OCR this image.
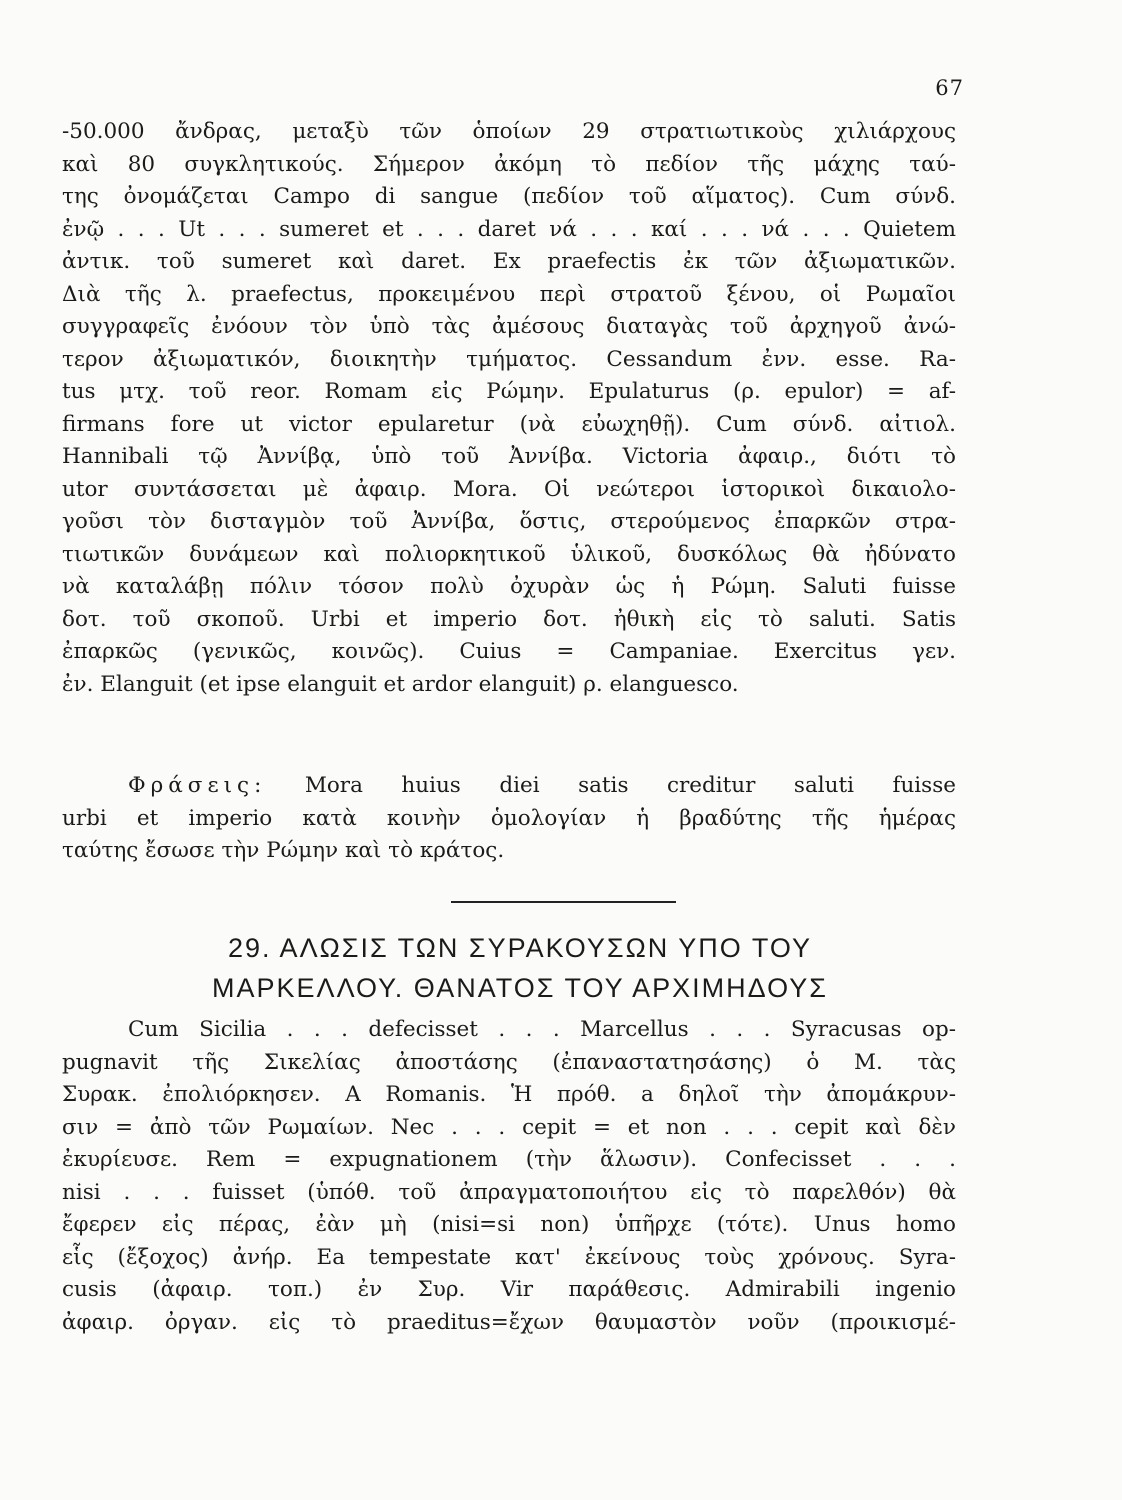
67
-50.000 ἄνδρας, μεταξὺ τῶν ὁποίων 29 στρατιωτικοὺς χιλιάρχους
καὶ 80 συγκλητικούς. Σήμερον ἀκόμη τὸ πεδίον τῆς μάχης ταύ-
της ὀνομάζεται Campo di sangue (πεδίον τοῦ αἵματος). Cum σύνδ.
ἐνῷ . . . Ut . . . sumeret et . . . daret νά . . . καί . . . νά . . . Quietem
ἀντικ. τοῦ sumeret καὶ daret. Ex praefectis ἐκ τῶν ἀξιωματικῶν.
Διὰ τῆς λ. praefectus, προκειμένου περὶ στρατοῦ ξένου, οἱ Ρωμαῖοι
συγγραφεῖς ἐνόουν τὸν ὑπὸ τὰς ἀμέσους διαταγὰς τοῦ ἀρχηγοῦ ἀνώ-
τερον ἀξιωματικόν, διοικητὴν τμήματος. Cessandum ἐνν. esse. Ra-
tus μτχ. τοῦ reor. Romam εἰς Ρώμην. Epulaturus (ρ. epulor) = af-
firmans fore ut victor epularetur (νὰ εὐωχηθῇ). Cum σύνδ. αἰτιολ.
Hannibali τῷ Ἀννίβᾳ, ὑπὸ τοῦ Ἀννίβα. Victoria ἀφαιρ., διότι τὸ
utor συντάσσεται μὲ ἀφαιρ. Mora. Οἱ νεώτεροι ἱστορικοὶ δικαιολο-
γοῦσι τὸν δισταγμὸν τοῦ Ἀννίβα, ὅστις, στερούμενος ἐπαρκῶν στρα-
τιωτικῶν δυνάμεων καὶ πολιορκητικοῦ ὑλικοῦ, δυσκόλως θὰ ἠδύνατο
νὰ καταλάβῃ πόλιν τόσον πολὺ ὀχυρὰν ὡς ἡ Ρώμη. Saluti fuisse
δοτ. τοῦ σκοποῦ. Urbi et imperio δοτ. ἠθικὴ εἰς τὸ saluti. Satis
ἐπαρκῶς (γενικῶς, κοινῶς). Cuius = Campaniae. Exercitus γεν.
ἐν. Elanguit (et ipse elanguit et ardor elanguit) ρ. elanguesco.
Φράσεις: Mora huius diei satis creditur saluti fuisse
urbi et imperio κατὰ κοινὴν ὁμολογίαν ἡ βραδύτης τῆς ἡμέρας
ταύτης ἔσωσε τὴν Ρώμην καὶ τὸ κράτος.
29. ΑΛΩΣΙΣ ΤΩΝ ΣΥΡΑΚΟΥΣΩΝ ΥΠΟ ΤΟΥ
ΜΑΡΚΕΛΛΟΥ. ΘΑΝΑΤΟΣ ΤΟΥ ΑΡΧΙΜΗΔΟΥΣ
Cum Sicilia . . . defecisset . . . Marcellus . . . Syracusas op-
pugnavit τῆς Σικελίας ἀποστάσης (ἐπαναστατησάσης) ὁ Μ. τὰς
Συρακ. ἐπολιόρκησεν. A Romanis. Ἡ πρόθ. a δηλοῖ τὴν ἀπομάκρυν-
σιν = ἀπὸ τῶν Ρωμαίων. Nec . . . cepit = et non . . . cepit καὶ δὲν
ἐκυρίευσε. Rem = expugnationem (τὴν ἅλωσιν). Confecisset . . .
nisi . . . fuisset (ὑπόθ. τοῦ ἀπραγματοποιήτου εἰς τὸ παρελθόν) θὰ
ἔφερεν εἰς πέρας, ἐὰν μὴ (nisi=si non) ὑπῆρχε (τότε). Unus homo
εἷς (ἔξοχος) ἀνήρ. Ea tempestate κατ' ἐκείνους τοὺς χρόνους. Syra-
cusis (ἀφαιρ. τοπ.) ἐν Συρ. Vir παράθεσις. Admirabili ingenio
ἀφαιρ. ὀργαν. εἰς τὸ praeditus=ἔχων θαυμαστὸν νοῦν (προικισμέ-
